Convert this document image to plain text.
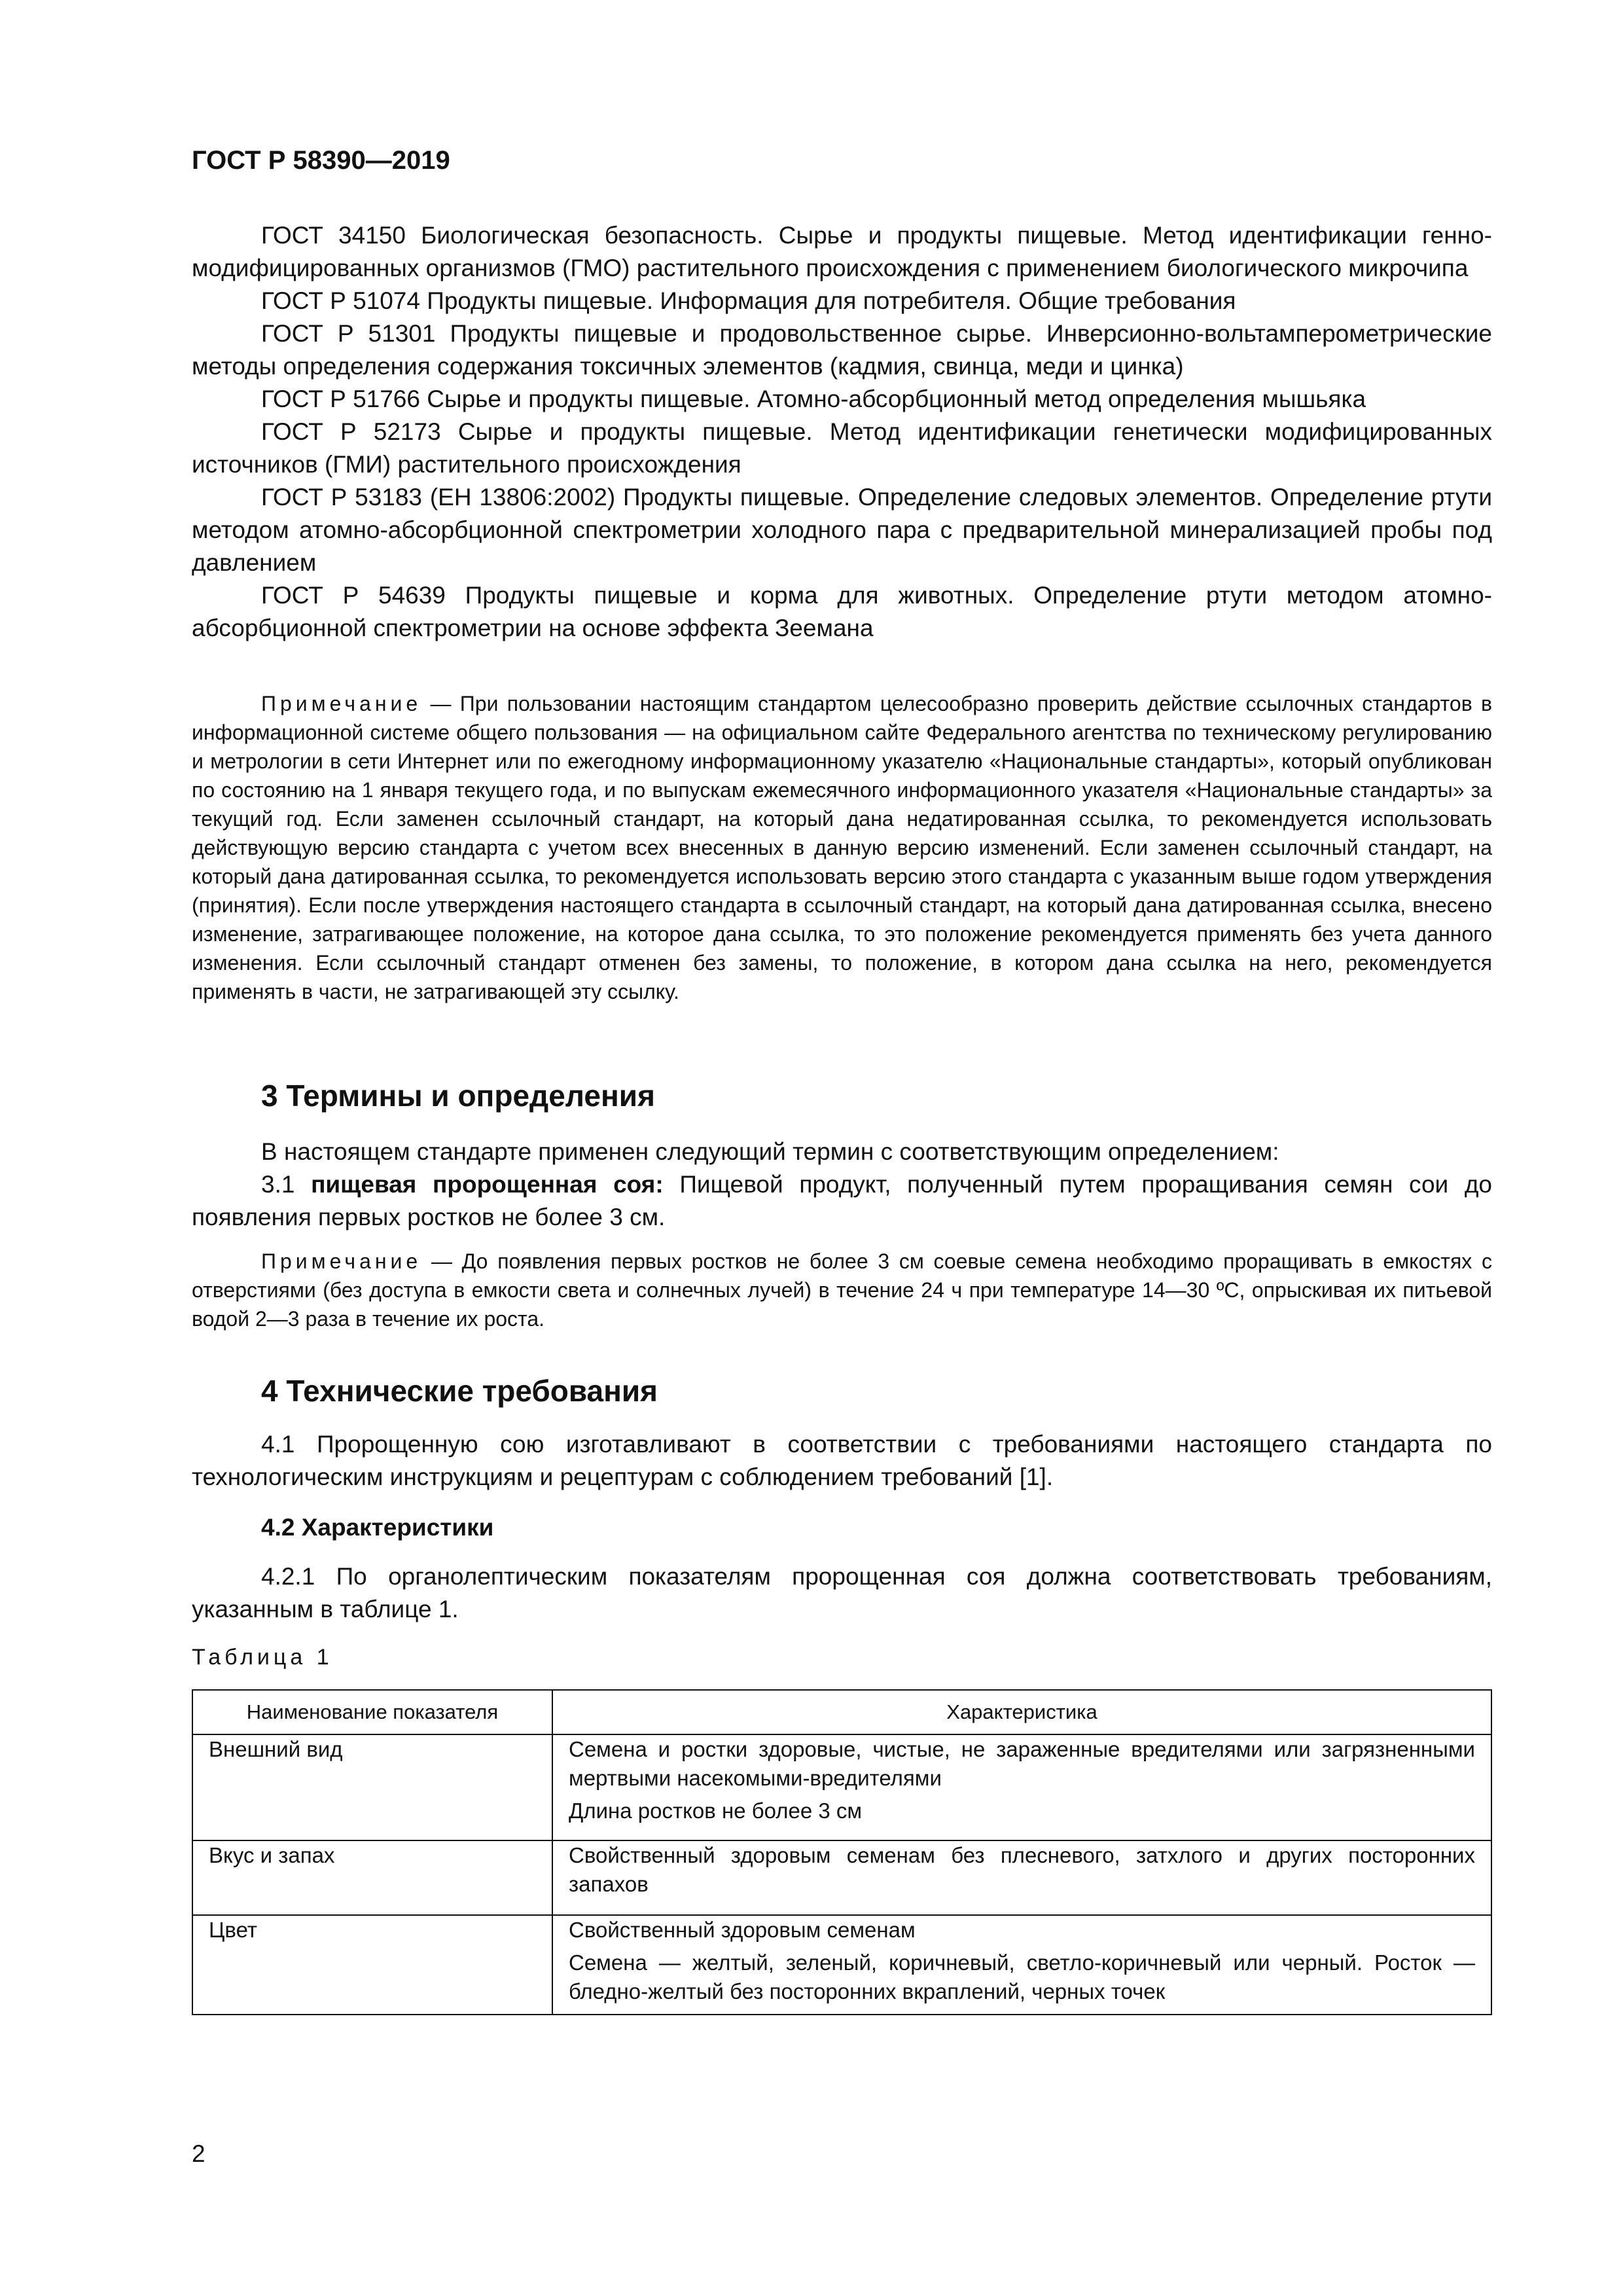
ГОСТ Р 58390—2019

ГОСТ 34150 Биологическая безопасность. Сырье и продукты пищевые. Метод идентификации генно-модифицированных организмов (ГМО) растительного происхождения с применением биологического микрочипа

ГОСТ Р 51074 Продукты пищевые. Информация для потребителя. Общие требования

ГОСТ Р 51301 Продукты пищевые и продовольственное сырье. Инверсионно-вольтамперометрические методы определения содержания токсичных элементов (кадмия, свинца, меди и цинка)

ГОСТ Р 51766 Сырье и продукты пищевые. Атомно-абсорбционный метод определения мышьяка

ГОСТ Р 52173 Сырье и продукты пищевые. Метод идентификации генетически модифицированных источников (ГМИ) растительного происхождения

ГОСТ Р 53183 (ЕН 13806:2002) Продукты пищевые. Определение следовых элементов. Определение ртути методом атомно-абсорбционной спектрометрии холодного пара с предварительной минерализацией пробы под давлением

ГОСТ Р 54639 Продукты пищевые и корма для животных. Определение ртути методом атомно-абсорбционной спектрометрии на основе эффекта Зеемана

Примечание — При пользовании настоящим стандартом целесообразно проверить действие ссылочных стандартов в информационной системе общего пользования — на официальном сайте Федерального агентства по техническому регулированию и метрологии в сети Интернет или по ежегодному информационному указателю «Национальные стандарты», который опубликован по состоянию на 1 января текущего года, и по выпускам ежемесячного информационного указателя «Национальные стандарты» за текущий год. Если заменен ссылочный стандарт, на который дана недатированная ссылка, то рекомендуется использовать действующую версию стандарта с учетом всех внесенных в данную версию изменений. Если заменен ссылочный стандарт, на который дана датированная ссылка, то рекомендуется использовать версию этого стандарта с указанным выше годом утверждения (принятия). Если после утверждения настоящего стандарта в ссылочный стандарт, на который дана датированная ссылка, внесено изменение, затрагивающее положение, на которое дана ссылка, то это положение рекомендуется применять без учета данного изменения. Если ссылочный стандарт отменен без замены, то положение, в котором дана ссылка на него, рекомендуется применять в части, не затрагивающей эту ссылку.

3 Термины и определения

В настоящем стандарте применен следующий термин с соответствующим определением:

3.1 пищевая пророщенная соя: Пищевой продукт, полученный путем проращивания семян сои до появления первых ростков не более 3 см.

Примечание — До появления первых ростков не более 3 см соевые семена необходимо проращивать в емкостях с отверстиями (без доступа в емкости света и солнечных лучей) в течение 24 ч при температуре 14—30 ºС, опрыскивая их питьевой водой 2—3 раза в течение их роста.

4 Технические требования

4.1 Пророщенную сою изготавливают в соответствии с требованиями настоящего стандарта по технологическим инструкциям и рецептурам с соблюдением требований [1].

4.2 Характеристики

4.2.1 По органолептическим показателям пророщенная соя должна соответствовать требованиям, указанным в таблице 1.

Таблица 1
Наименование показателя	Характеристика
Внешний вид	Семена и ростки здоровые, чистые, не зараженные вредителями или загрязненными мертвыми насекомыми-вредителями

Длина ростков не более 3 см

Вкус и запах	Свойственный здоровым семенам без плесневого, затхлого и других посторонних запахов

Цвет	Свойственный здоровым семенам

Семена — желтый, зеленый, коричневый, светло-коричневый или черный. Росток — бледно-желтый без посторонних вкраплений, черных точек

2
